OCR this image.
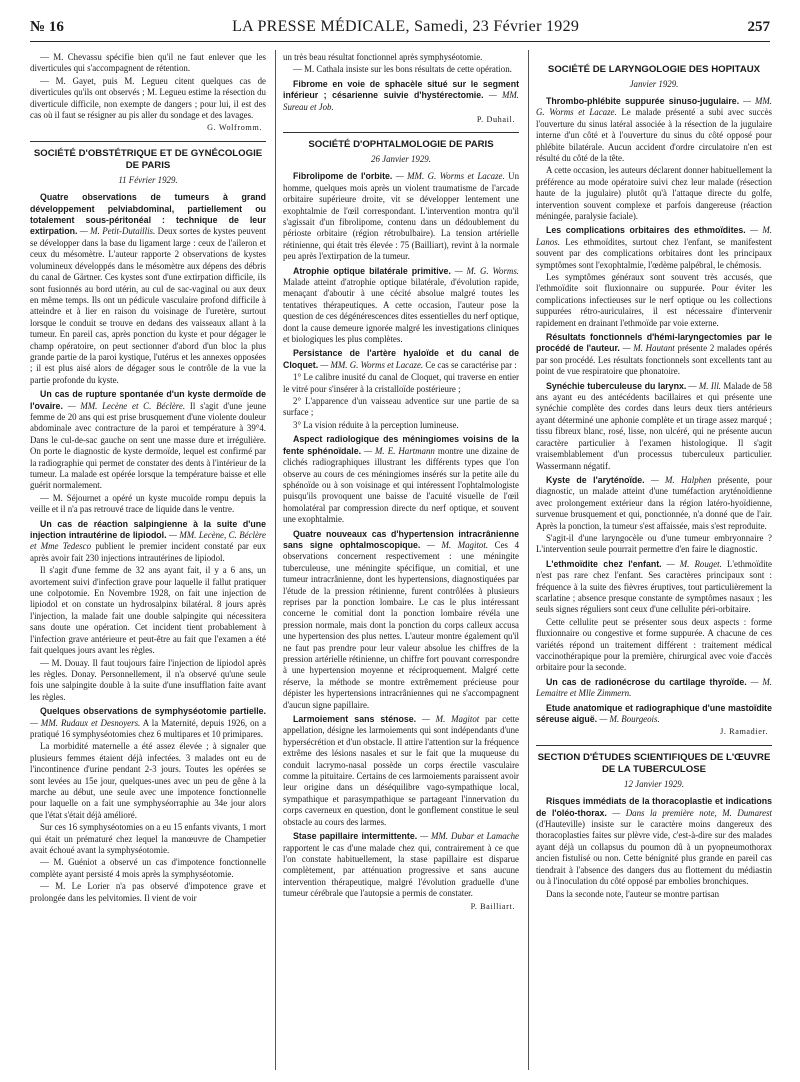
№ 16	LA PRESSE MÉDICALE, Samedi, 23 Février 1929	257

— M. Chevassu spécifie bien qu'il ne faut enlever que les diverticules qui s'accompagnent de rétention.

— M. Gayet, puis M. Legueu citent quelques cas de diverticules qu'ils ont observés ; M. Legueu estime la résection du diverticule difficile, non exempte de dangers ; pour lui, il est des cas où il faut se résigner au pis aller du sondage et des lavages.

G. Wolfromm.

SOCIÉTÉ D'OBSTÉTRIQUE ET DE GYNÉCOLOGIE DE PARIS

11 Février 1929.

Quatre observations de tumeurs à grand développement pelviabdominal, partiellement ou totalement sous-péritonéal : technique de leur extirpation. — M. Petit-Dutaillis. Deux sortes de kystes peuvent se développer dans la base du ligament large : ceux de l'aileron et ceux du mésomètre. L'auteur rapporte 2 observations de kystes volumineux développés dans le mésomètre aux dépens des débris du canal de Gärtner. Ces kystes sont d'une extirpation difficile, ils sont fusionnés au bord utérin, au cul de sac-vaginal ou aux deux en même temps. Ils ont un pédicule vasculaire profond difficile à atteindre et à lier en raison du voisinage de l'uretère, surtout lorsque le conduit se trouve en dedans des vaisseaux allant à la tumeur. En pareil cas, après ponction du kyste et pour dégager le champ opératoire, on peut sectionner d'abord d'un bloc la plus grande partie de la paroi kystique, l'utérus et les annexes opposées ; il est plus aisé alors de dégager sous le contrôle de la vue la partie profonde du kyste.

Un cas de rupture spontanée d'un kyste dermoïde de l'ovaire. — MM. Lecène et C. Béclère. Il s'agit d'une jeune femme de 20 ans qui est prise brusquement d'une violente douleur abdominale avec contracture de la paroi et température à 39°4. Dans le cul-de-sac gauche on sent une masse dure et irrégulière. On porte le diagnostic de kyste dermoïde, lequel est confirmé par la radiographie qui permet de constater des dents à l'intérieur de la tumeur. La malade est opérée lorsque la température baisse et elle guérit normalement.

— M. Séjournet a opéré un kyste mucoïde rompu depuis la veille et il n'a pas retrouvé trace de liquide dans le ventre.

Un cas de réaction salpingienne à la suite d'une injection intrautérine de lipiodol. — MM. Lecène, C. Béclère et Mme Tedesco publient le premier incident constaté par eux après avoir fait 230 injections intrautérines de lipiodol.

Il s'agit d'une femme de 32 ans ayant fait, il y a 6 ans, un avortement suivi d'infection grave pour laquelle il fallut pratiquer une colpotomie. En Novembre 1928, on fait une injection de lipiodol et on constate un hydrosalpinx bilatéral. 8 jours après l'injection, la malade fait une double salpingite qui nécessitera sans doute une opération. Cet incident tient probablement à l'infection grave antérieure et peut-être au fait que l'examen a été fait quelques jours avant les règles.

— M. Douay. Il faut toujours faire l'injection de lipiodol après les règles. Donay. Personnellement, il n'a observé qu'une seule fois une salpingite double à la suite d'une insufflation faite avant les règles.

Quelques observations de symphyséotomie partielle. — MM. Rudaux et Desnoyers. A la Maternité, depuis 1926, on a pratiqué 16 symphyséotomies chez 6 multipares et 10 primipares.

La morbidité maternelle a été assez élevée ; à signaler que plusieurs femmes étaient déjà infectées. 3 malades ont eu de l'incontinence d'urine pendant 2-3 jours. Toutes les opérées se sont levées au 15e jour, quelques-unes avec un peu de gêne à la marche au début, une seule avec une impotence fonctionnelle pour laquelle on a fait une symphyséorraphie au 34e jour alors que l'état s'était déjà amélioré.

Sur ces 16 symphyséotomies on a eu 15 enfants vivants, 1 mort qui était un prématuré chez lequel la manœuvre de Champetier avait échoué avant la symphyséotomie.

— M. Guéniot a observé un cas d'impotence fonctionnelle complète ayant persisté 4 mois après la symphyséotomie.

— M. Le Lorier n'a pas observé d'impotence grave et prolongée dans les pelvitomies. Il vient de voir

un très beau résultat fonctionnel après symphyséotomie.

— M. Cathala insiste sur les bons résultats de cette opération.

Fibrome en voie de sphacèle situé sur le segment inférieur ; césarienne suivie d'hystérectomie. — MM. Sureau et Job.

P. Duhail.

SOCIÉTÉ D'OPHTALMOLOGIE DE PARIS

26 Janvier 1929.

Fibrolipome de l'orbite. — MM. G. Worms et Lacaze. Un homme, quelques mois après un violent traumatisme de l'arcade orbitaire supérieure droite, vit se développer lentement une exophtalmie de l'œil correspondant. L'intervention montra qu'il s'agissait d'un fibrolipome, contenu dans un dédoublement du périoste orbitaire (région rétrobulbaire). La tension artérielle rétinienne, qui était très élevée : 75 (Bailliart), revint à la normale peu après l'extirpation de la tumeur.

Atrophie optique bilatérale primitive. — M. G. Worms. Malade atteint d'atrophie optique bilatérale, d'évolution rapide, menaçant d'aboutir à une cécité absolue malgré toutes les tentatives thérapeutiques. A cette occasion, l'auteur pose la question de ces dégénérescences dites essentielles du nerf optique, dont la cause demeure ignorée malgré les investigations cliniques et biologiques les plus complètes.

Persistance de l'artère hyaloïde et du canal de Cloquet. — MM. G. Worms et Lacaze. Ce cas se caractérise par :

1° Le calibre inusité du canal de Cloquet, qui traverse en entier le vitré pour s'insérer à la cristalloïde postérieure ;

2° L'apparence d'un vaisseau adventice sur une partie de sa surface ;

3° La vision réduite à la perception lumineuse.

Aspect radiologique des méningiomes voisins de la fente sphénoïdale. — M. E. Hartmann montre une dizaine de clichés radiographiques illustrant les différents types que l'on observe au cours de ces méningiomes insérés sur la petite aile du sphénoïde ou à son voisinage et qui intéressent l'ophtalmologiste puisqu'ils provoquent une baisse de l'acuité visuelle de l'œil homolatéral par compression directe du nerf optique, et souvent une exophtalmie.

Quatre nouveaux cas d'hypertension intracrânienne sans signe ophtalmoscopique. — M. Magitot. Ces 4 observations concernent respectivement : une méningite tuberculeuse, une méningite spécifique, un comitial, et une tumeur intracrânienne, dont les hypertensions, diagnostiquées par l'étude de la pression rétinienne, furent contrôlées à plusieurs reprises par la ponction lombaire. Le cas le plus intéressant concerne le comitial dont la ponction lombaire révéla une pression normale, mais dont la ponction du corps calleux accusa une hypertension des plus nettes. L'auteur montre également qu'il ne faut pas prendre pour leur valeur absolue les chiffres de la pression artérielle rétinienne, un chiffre fort pouvant correspondre à une hypertension moyenne et réciproquement. Malgré cette réserve, la méthode se montre extrêmement précieuse pour dépister les hypertensions intracrâniennes qui ne s'accompagnent d'aucun signe papillaire.

Larmoiement sans sténose. — M. Magitot par cette appellation, désigne les larmoiements qui sont indépendants d'une hypersécrétion et d'un obstacle. Il attire l'attention sur la fréquence extrême des lésions nasales et sur le fait que la muqueuse du conduit lacrymo-nasal possède un corps érectile vasculaire comme la pituitaire. Certains de ces larmoiements paraissent avoir leur origine dans un déséquilibre vago-sympathique local, sympathique et parasympathique se partageant l'innervation du corps caverneux en question, dont le gonflement constitue le seul obstacle au cours des larmes.

Stase papillaire intermittente. — MM. Dubar et Lamache rapportent le cas d'une malade chez qui, contrairement à ce que l'on constate habituellement, la stase papillaire est disparue complètement, par atténuation progressive et sans aucune intervention thérapeutique, malgré l'évolution graduelle d'une tumeur cérébrale que l'autopsie a permis de constater.

P. Bailliart.

SOCIÉTÉ DE LARYNGOLOGIE DES HOPITAUX

Janvier 1929.

Thrombo-phlébite suppurée sinuso-jugulaire. — MM. G. Worms et Lacaze. Le malade présenté a subi avec succès l'ouverture du sinus latéral associée à la résection de la jugulaire interne d'un côté et à l'ouverture du sinus du côté opposé pour phlébite bilatérale. Aucun accident d'ordre circulatoire n'en est résulté du côté de la tête.

A cette occasion, les auteurs déclarent donner habituellement la préférence au mode opératoire suivi chez leur malade (résection haute de la jugulaire) plutôt qu'à l'attaque directe du golfe, intervention souvent complexe et parfois dangereuse (réaction méningée, paralysie faciale).

Les complications orbitaires des ethmoïdites. — M. Lanos. Les ethmoïdites, surtout chez l'enfant, se manifestent souvent par des complications orbitaires dont les principaux symptômes sont l'exophtalmie, l'œdème palpébral, le chémosis.

Les symptômes généraux sont souvent très accusés, que l'ethmoïdite soit fluxionnaire ou suppurée. Pour éviter les complications infectieuses sur le nerf optique ou les collections suppurées rétro-auriculaires, il est nécessaire d'intervenir rapidement en drainant l'ethmoïde par voie externe.

Résultats fonctionnels d'hémi-laryngectomies par le procédé de l'auteur. — M. Hautant présente 2 malades opérés par son procédé. Les résultats fonctionnels sont excellents tant au point de vue respiratoire que phonatoire.

Synéchie tuberculeuse du larynx. — M. Ill. Malade de 58 ans ayant eu des antécédents bacillaires et qui présente une synéchie complète des cordes dans leurs deux tiers antérieurs ayant déterminé une aphonie complète et un tirage assez marqué ; tissu fibreux blanc, rosé, lisse, non ulcéré, qui ne présente aucun caractère particulier à l'examen histologique. Il s'agit vraisemblablement d'un processus tuberculeux particulier. Wassermann négatif.

Kyste de l'aryténoïde. — M. Halphen présente, pour diagnostic, un malade atteint d'une tuméfaction aryténoïdienne avec prolongement extérieur dans la région latéro-hyoïdienne, survenue brusquement et qui, ponctionnée, n'a donné que de l'air. Après la ponction, la tumeur s'est affaissée, mais s'est reproduite.

S'agit-il d'une laryngocèle ou d'une tumeur embryonnaire ? L'intervention seule pourrait permettre d'en faire le diagnostic.

L'ethmoïdite chez l'enfant. — M. Rouget. L'ethmoïdite n'est pas rare chez l'enfant. Ses caractères principaux sont : fréquence à la suite des fièvres éruptives, tout particulièrement la scarlatine ; absence presque constante de symptômes nasaux ; les seuls signes réguliers sont ceux d'une cellulite péri-orbitaire.

Cette cellulite peut se présenter sous deux aspects : forme fluxionnaire ou congestive et forme suppurée. A chacune de ces variétés répond un traitement différent : traitement médical vaccinothérapique pour la première, chirurgical avec voie d'accès orbitaire pour la seconde.

Un cas de radionécrose du cartilage thyroïde. — M. Lemaitre et Mlle Zimmern.

Etude anatomique et radiographique d'une mastoïdite séreuse aiguë. — M. Bourgeois.

J. Ramadier.

SECTION D'ÉTUDES SCIENTIFIQUES DE L'ŒUVRE DE LA TUBERCULOSE

12 Janvier 1929.

Risques immédiats de la thoracoplastie et indications de l'oléo-thorax. — Dans la première note, M. Dumarest (d'Hauteville) insiste sur le caractère moins dangereux des thoracoplasties faites sur plèvre vide, c'est-à-dire sur des malades ayant déjà un collapsus du poumon dû à un pyopneumothorax ancien fistulisé ou non. Cette bénignité plus grande en pareil cas tiendrait à l'absence des dangers dus au flottement du médiastin ou à l'inoculation du côté opposé par embolies bronchiques.

Dans la seconde note, l'auteur se montre partisan
